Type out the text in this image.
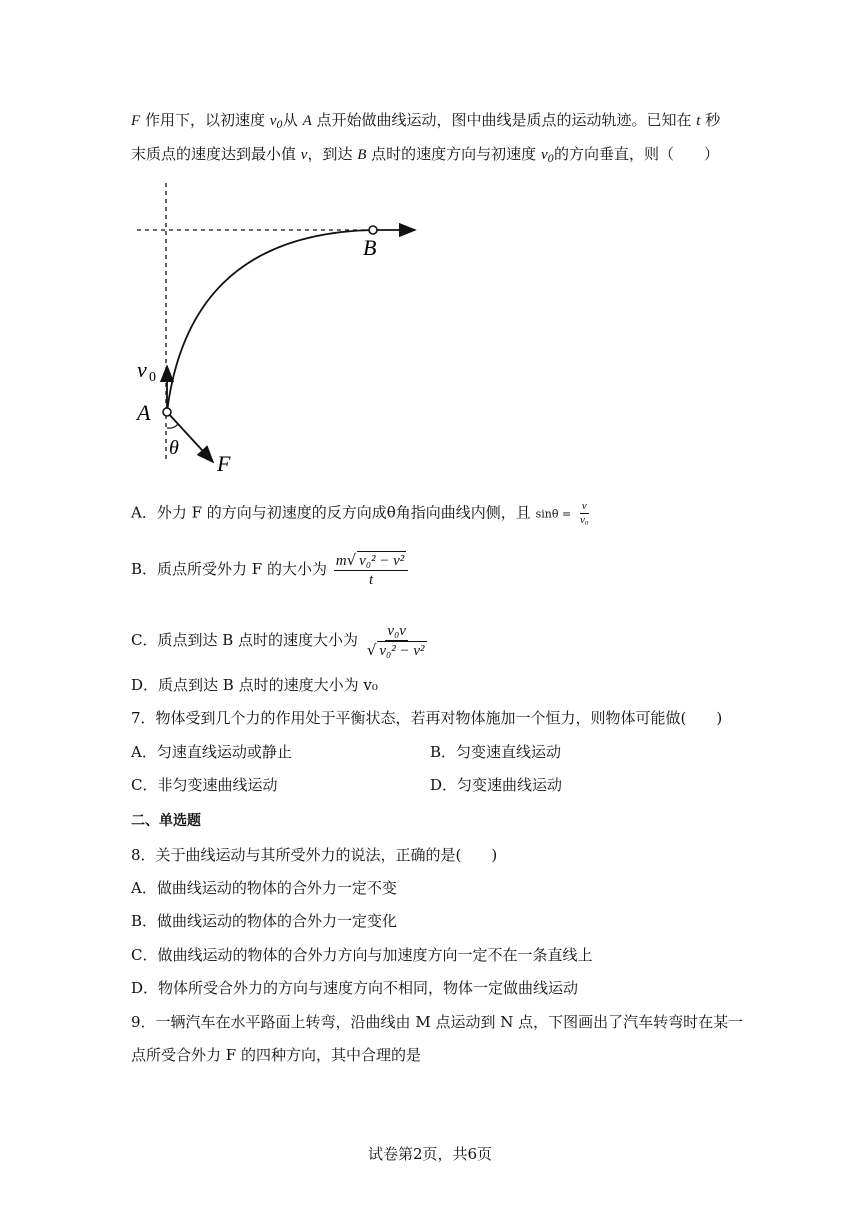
F 作用下，以初速度 $v_0$从 A 点开始做曲线运动，图中曲线是质点的运动轨迹。已知在 t 秒
末质点的速度达到最小值 v，到达 B 点时的速度方向与初速度 $v_0$的方向垂直，则（　　）
B
v 0
A
θ
F
A．外力 F 的方向与初速度的反方向成θ角指向曲线内侧，且 $\sin\theta = \frac{v}{\text{v₀}}$
B．质点所受外力 F 的大小为 $\frac{\text{m√ v₀² − v²}}{t}$
C．质点到达 B 点时的速度大小为 $\frac{\text{v₀v}}{\text{√ v₀² − v²}}$
D．质点到达 B 点时的速度大小为 v₀
7．物体受到几个力的作用处于平衡状态，若再对物体施加一个恒力，则物体可能做(　　)
A．匀速直线运动或静止	B．匀变速直线运动
C．非匀变速曲线运动	D．匀变速曲线运动
二、单选题
8．关于曲线运动与其所受外力的说法，正确的是(　　)
A．做曲线运动的物体的合外力一定不变
B．做曲线运动的物体的合外力一定变化
C．做曲线运动的物体的合外力方向与加速度方向一定不在一条直线上
D．物体所受合外力的方向与速度方向不相同，物体一定做曲线运动
9．一辆汽车在水平路面上转弯，沿曲线由 M 点运动到 N 点，下图画出了汽车转弯时在某一
点所受合外力 F 的四种方向，其中合理的是
试卷第2页，共6页
